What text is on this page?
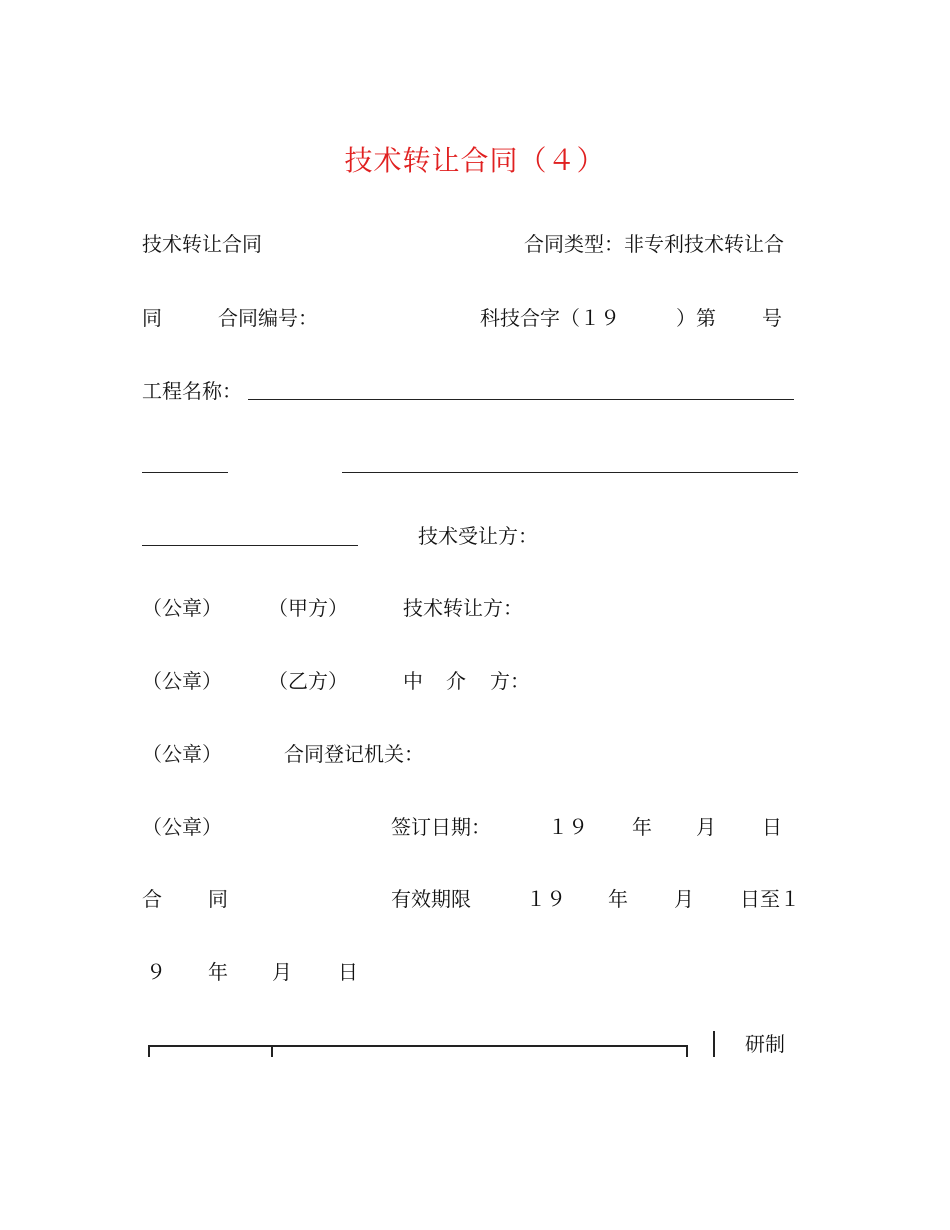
技术转让合同（４）
技术转让合同	合同类型：非专利技术转让合
同	合同编号：	科技合字（１９	）第 号
工程名称：
技术受让方：
（公章） （甲方）	技术转让方：
（公章） （乙方）	中 介 方：
（公章）	合同登记机关：
（公章）	签订日期：	１９ 年 月 日
合 同	有效期限	１９ 年 月 日至１
９ 年 月 日
研制
